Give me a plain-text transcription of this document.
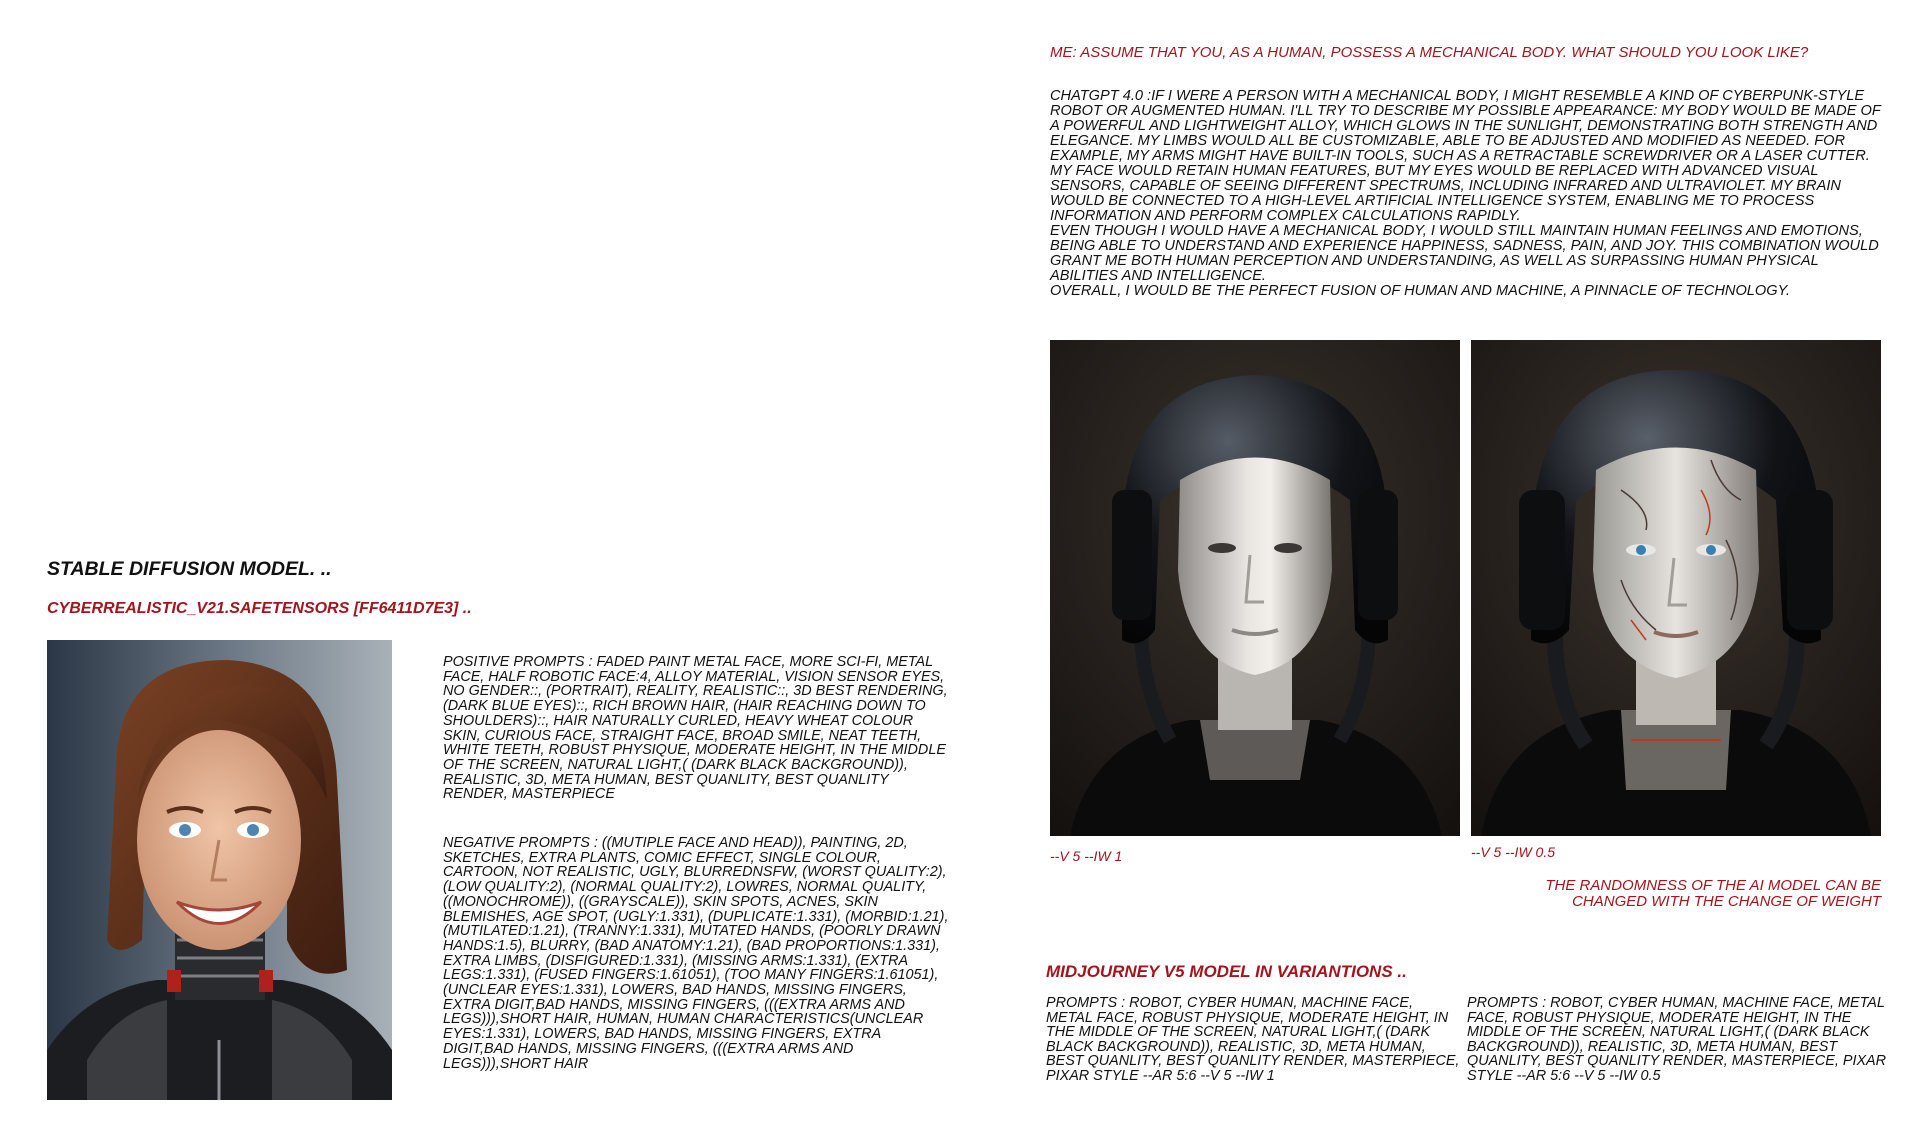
ME: ASSUME THAT YOU, AS A HUMAN, POSSESS A MECHANICAL BODY. WHAT SHOULD YOU LOOK LIKE?

CHATGPT 4.0 :IF I WERE A PERSON WITH A MECHANICAL BODY, I MIGHT RESEMBLE A KIND OF CYBERPUNK-STYLE ROBOT OR AUGMENTED HUMAN. I'LL TRY TO DESCRIBE MY POSSIBLE APPEARANCE: MY BODY WOULD BE MADE OF A POWERFUL AND LIGHTWEIGHT ALLOY, WHICH GLOWS IN THE SUNLIGHT, DEMONSTRATING BOTH STRENGTH AND ELEGANCE. MY LIMBS WOULD ALL BE CUSTOMIZABLE, ABLE TO BE ADJUSTED AND MODIFIED AS NEEDED. FOR EXAMPLE, MY ARMS MIGHT HAVE BUILT-IN TOOLS, SUCH AS A RETRACTABLE SCREWDRIVER OR A LASER CUTTER.

MY FACE WOULD RETAIN HUMAN FEATURES, BUT MY EYES WOULD BE REPLACED WITH ADVANCED VISUAL SENSORS, CAPABLE OF SEEING DIFFERENT SPECTRUMS, INCLUDING INFRARED AND ULTRAVIOLET. MY BRAIN WOULD BE CONNECTED TO A HIGH-LEVEL ARTIFICIAL INTELLIGENCE SYSTEM, ENABLING ME TO PROCESS INFORMATION AND PERFORM COMPLEX CALCULATIONS RAPIDLY.

EVEN THOUGH I WOULD HAVE A MECHANICAL BODY, I WOULD STILL MAINTAIN HUMAN FEELINGS AND EMOTIONS, BEING ABLE TO UNDERSTAND AND EXPERIENCE HAPPINESS, SADNESS, PAIN, AND JOY. THIS COMBINATION WOULD GRANT ME BOTH HUMAN PERCEPTION AND UNDERSTANDING, AS WELL AS SURPASSING HUMAN PHYSICAL ABILITIES AND INTELLIGENCE.

OVERALL, I WOULD BE THE PERFECT FUSION OF HUMAN AND MACHINE, A PINNACLE OF TECHNOLOGY.

--V 5 --IW 1	--V 5 --IW 0.5
THE RANDOMNESS OF THE AI MODEL CAN BE CHANGED WITH THE CHANGE OF WEIGHT
MIDJOURNEY V5 MODEL IN VARIANTIONS ..
PROMPTS : ROBOT, CYBER HUMAN, MACHINE FACE, METAL FACE, ROBUST PHYSIQUE, MODERATE HEIGHT, IN THE MIDDLE OF THE SCREEN, NATURAL LIGHT,( (DARK BLACK BACKGROUND)), REALISTIC, 3D, META HUMAN, BEST QUANLITY, BEST QUANLITY RENDER, MASTERPIECE, PIXAR STYLE --AR 5:6 --V 5 --IW 1
PROMPTS : ROBOT, CYBER HUMAN, MACHINE FACE, METAL FACE, ROBUST PHYSIQUE, MODERATE HEIGHT, IN THE MIDDLE OF THE SCREEN, NATURAL LIGHT,( (DARK BLACK BACKGROUND)), REALISTIC, 3D, META HUMAN, BEST QUANLITY, BEST QUANLITY RENDER, MASTERPIECE, PIXAR STYLE --AR 5:6 --V 5 --IW 0.5
STABLE DIFFUSION MODEL. ..
CYBERREALISTIC_V21.SAFETENSORS [FF6411D7E3] ..
POSITIVE PROMPTS : FADED PAINT METAL FACE, MORE SCI-FI, METAL FACE, HALF ROBOTIC FACE:4, ALLOY MATERIAL, VISION SENSOR EYES, NO GENDER::, (PORTRAIT), REALITY, REALISTIC::, 3D BEST RENDERING, (DARK BLUE EYES)::, RICH BROWN HAIR, (HAIR REACHING DOWN TO SHOULDERS)::, HAIR NATURALLY CURLED, HEAVY WHEAT COLOUR SKIN, CURIOUS FACE, STRAIGHT FACE, BROAD SMILE, NEAT TEETH, WHITE TEETH, ROBUST PHYSIQUE, MODERATE HEIGHT, IN THE MIDDLE OF THE SCREEN, NATURAL LIGHT,( (DARK BLACK BACKGROUND)), REALISTIC, 3D, META HUMAN, BEST QUANLITY, BEST QUANLITY RENDER, MASTERPIECE
NEGATIVE PROMPTS : ((MUTIPLE FACE AND HEAD)), PAINTING, 2D, SKETCHES, EXTRA PLANTS, COMIC EFFECT, SINGLE COLOUR, CARTOON, NOT REALISTIC, UGLY, BLURREDNSFW, (WORST QUALITY:2), (LOW QUALITY:2), (NORMAL QUALITY:2), LOWRES, NORMAL QUALITY, ((MONOCHROME)), ((GRAYSCALE)), SKIN SPOTS, ACNES, SKIN BLEMISHES, AGE SPOT, (UGLY:1.331), (DUPLICATE:1.331), (MORBID:1.21), (MUTILATED:1.21), (TRANNY:1.331), MUTATED HANDS, (POORLY DRAWN HANDS:1.5), BLURRY, (BAD ANATOMY:1.21), (BAD PROPORTIONS:1.331), EXTRA LIMBS, (DISFIGURED:1.331), (MISSING ARMS:1.331), (EXTRA LEGS:1.331), (FUSED FINGERS:1.61051), (TOO MANY FINGERS:1.61051), (UNCLEAR EYES:1.331), LOWERS, BAD HANDS, MISSING FINGERS, EXTRA DIGIT,BAD HANDS, MISSING FINGERS, (((EXTRA ARMS AND LEGS))),SHORT HAIR, HUMAN, HUMAN CHARACTERISTICS(UNCLEAR EYES:1.331), LOWERS, BAD HANDS, MISSING FINGERS, EXTRA DIGIT,BAD HANDS, MISSING FINGERS, (((EXTRA ARMS AND LEGS))),SHORT HAIR
